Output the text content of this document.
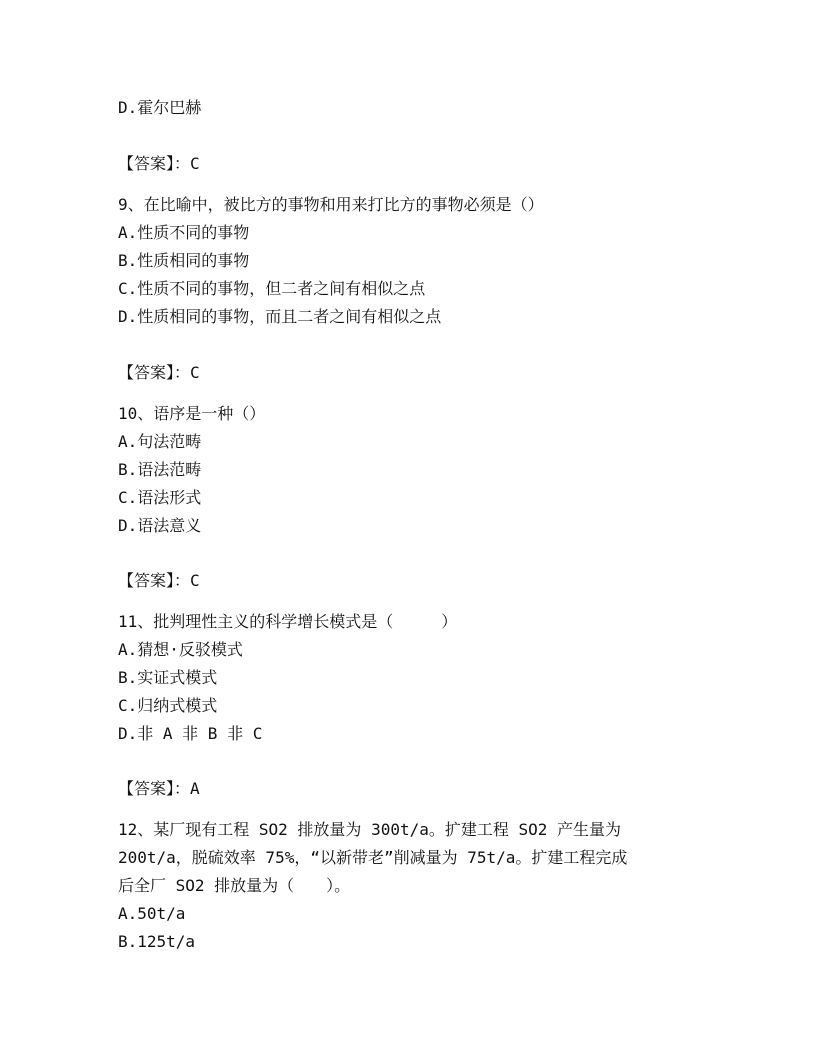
D.霍尔巴赫
【答案】：C
9、在比喻中，被比方的事物和用来打比方的事物必须是（）
A.性质不同的事物
B.性质相同的事物
C.性质不同的事物，但二者之间有相似之点
D.性质相同的事物，而且二者之间有相似之点
【答案】：C
10、语序是一种（）
A.句法范畴
B.语法范畴
C.语法形式
D.语法意义
【答案】：C
11、批判理性主义的科学增长模式是（　　　）
A.猜想·反驳模式
B.实证式模式
C.归纳式模式
D.非 A 非 B 非 C
【答案】：A
12、某厂现有工程 SO2 排放量为 300t/a。扩建工程 SO2 产生量为
200t/a，脱硫效率 75%，“以新带老”削减量为 75t/a。扩建工程完成
后全厂 SO2 排放量为（　　）。
A.50t/a
B.125t/a
